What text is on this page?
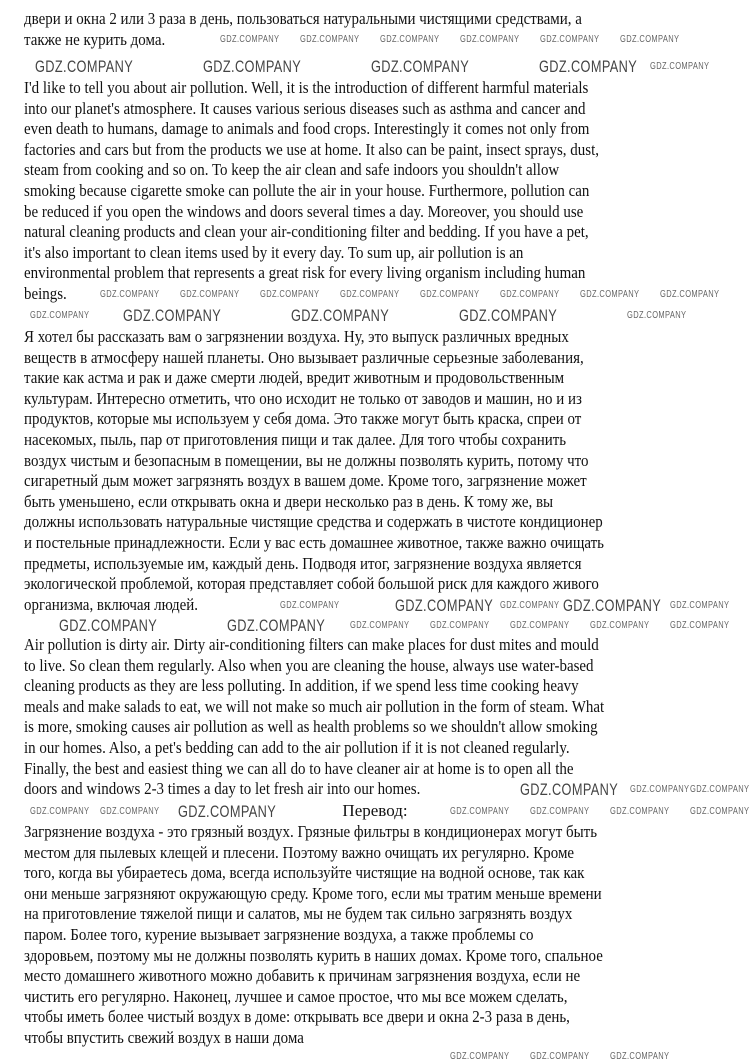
двери и окна 2 или 3 раза в день, пользоваться натуральными чистящими средствами, а
также не курить дома.
I'd like to tell you about air pollution. Well, it is the introduction of different harmful materials
into our planet's atmosphere. It causes various serious diseases such as asthma and cancer and
even death to humans, damage to animals and food crops. Interestingly it comes not only from
factories and cars but from the products we use at home. It also can be paint, insect sprays, dust,
steam from cooking and so on. To keep the air clean and safe indoors you shouldn't allow
smoking because cigarette smoke can pollute the air in your house. Furthermore, pollution can
be reduced if you open the windows and doors several times a day. Moreover, you should use
natural cleaning products and clean your air-conditioning filter and bedding. If you have a pet,
it's also important to clean items used by it every day. To sum up, air pollution is an
environmental problem that represents a great risk for every living organism including human
beings.
Я хотел бы рассказать вам о загрязнении воздуха. Ну, это выпуск различных вредных
веществ в атмосферу нашей планеты. Оно вызывает различные серьезные заболевания,
такие как астма и рак и даже смерти людей, вредит животным и продовольственным
культурам. Интересно отметить, что оно исходит не только от заводов и машин, но и из
продуктов, которые мы используем у себя дома. Это также могут быть краска, спреи от
насекомых, пыль, пар от приготовления пищи и так далее. Для того чтобы сохранить
воздух чистым и безопасным в помещении, вы не должны позволять курить, потому что
сигаретный дым может загрязнять воздух в вашем доме. Кроме того, загрязнение может
быть уменьшено, если открывать окна и двери несколько раз в день. К тому же, вы
должны использовать натуральные чистящие средства и содержать в чистоте кондиционер
и постельные принадлежности. Если у вас есть домашнее животное, также важно очищать
предметы, используемые им, каждый день. Подводя итог, загрязнение воздуха является
экологической проблемой, которая представляет собой большой риск для каждого живого
организма, включая людей.
Air pollution is dirty air. Dirty air-conditioning filters can make places for dust mites and mould
to live. So clean them regularly. Also when you are cleaning the house, always use water-based
cleaning products as they are less polluting. In addition, if we spend less time cooking heavy
meals and make salads to eat, we will not make so much air pollution in the form of steam. What
is more, smoking causes air pollution as well as health problems so we shouldn't allow smoking
in our homes. Also, a pet's bedding can add to the air pollution if it is not cleaned regularly.
Finally, the best and easiest thing we can all do to have cleaner air at home is to open all the
doors and windows 2-3 times a day to let fresh air into our homes.
Перевод:
Загрязнение воздуха - это грязный воздух. Грязные фильтры в кондиционерах могут быть
местом для пылевых клещей и плесени. Поэтому важно очищать их регулярно. Кроме
того, когда вы убираетесь дома, всегда используйте чистящие на водной основе, так как
они меньше загрязняют окружающую среду. Кроме того, если мы тратим меньше времени
на приготовление тяжелой пищи и салатов, мы не будем так сильно загрязнять воздух
паром. Более того, курение вызывает загрязнение воздуха, а также проблемы со
здоровьем, поэтому мы не должны позволять курить в наших домах. Кроме того, спальное
место домашнего животного можно добавить к причинам загрязнения воздуха, если не
чистить его регулярно. Наконец, лучшее и самое простое, что мы все можем сделать,
чтобы иметь более чистый воздух в доме: открывать все двери и окна 2-3 раза в день,
чтобы впустить свежий воздух в наши дома
GDZ.COMPANY	GDZ.COMPANY	GDZ.COMPANY	GDZ.COMPANY GDZ.COMPANY
GDZ.COMPANY GDZ.COMPANY GDZ.COMPANY GDZ.COMPANY GDZ.COMPANY GDZ.COMPANY
GDZ.COMPANY GDZ.COMPANY GDZ.COMPANY GDZ.COMPANY GDZ.COMPANY GDZ.COMPANY GDZ.COMPANY GDZ.COMPANY
GDZ.COMPANY	GDZ.COMPANY	GDZ.COMPANY
GDZ.COMPANY	GDZ.COMPANY
GDZ.COMPANY	GDZ.COMPANY
GDZ.COMPANY	GDZ.COMPANY	GDZ.COMPANY
GDZ.COMPANY	GDZ.COMPANY GDZ.COMPANY GDZ.COMPANY GDZ.COMPANY GDZ.COMPANY GDZ.COMPANY
GDZ.COMPANY GDZ.COMPANY GDZ.COMPANY
GDZ.COMPANY
GDZ.COMPANY GDZ.COMPANY	GDZ.COMPANY GDZ.COMPANY GDZ.COMPANY GDZ.COMPANY
GDZ.COMPANY GDZ.COMPANY GDZ.COMPANY
